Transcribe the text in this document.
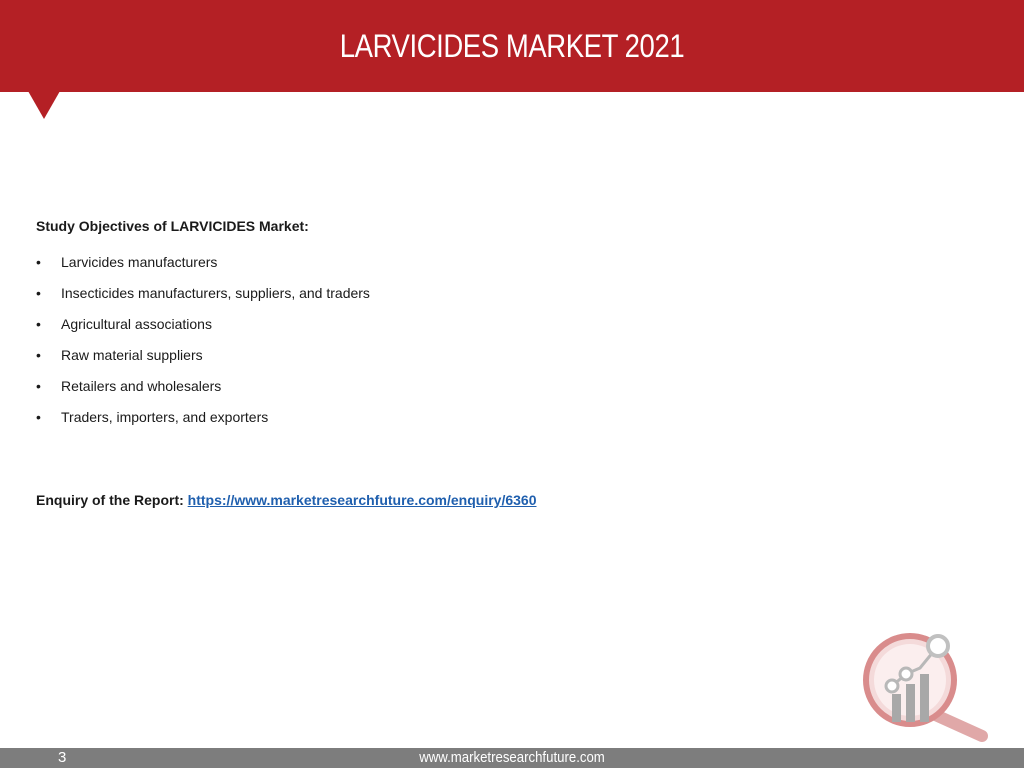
LARVICIDES MARKET 2021

Study Objectives of LARVICIDES Market:

•	Larvicides manufacturers
•	Insecticides manufacturers, suppliers, and traders
•	Agricultural associations
•	Raw material suppliers
•	Retailers and wholesalers
•	Traders, importers, and exporters
Enquiry of the Report: https://www.marketresearchfuture.com/enquiry/6360
3	www.marketresearchfuture.com
